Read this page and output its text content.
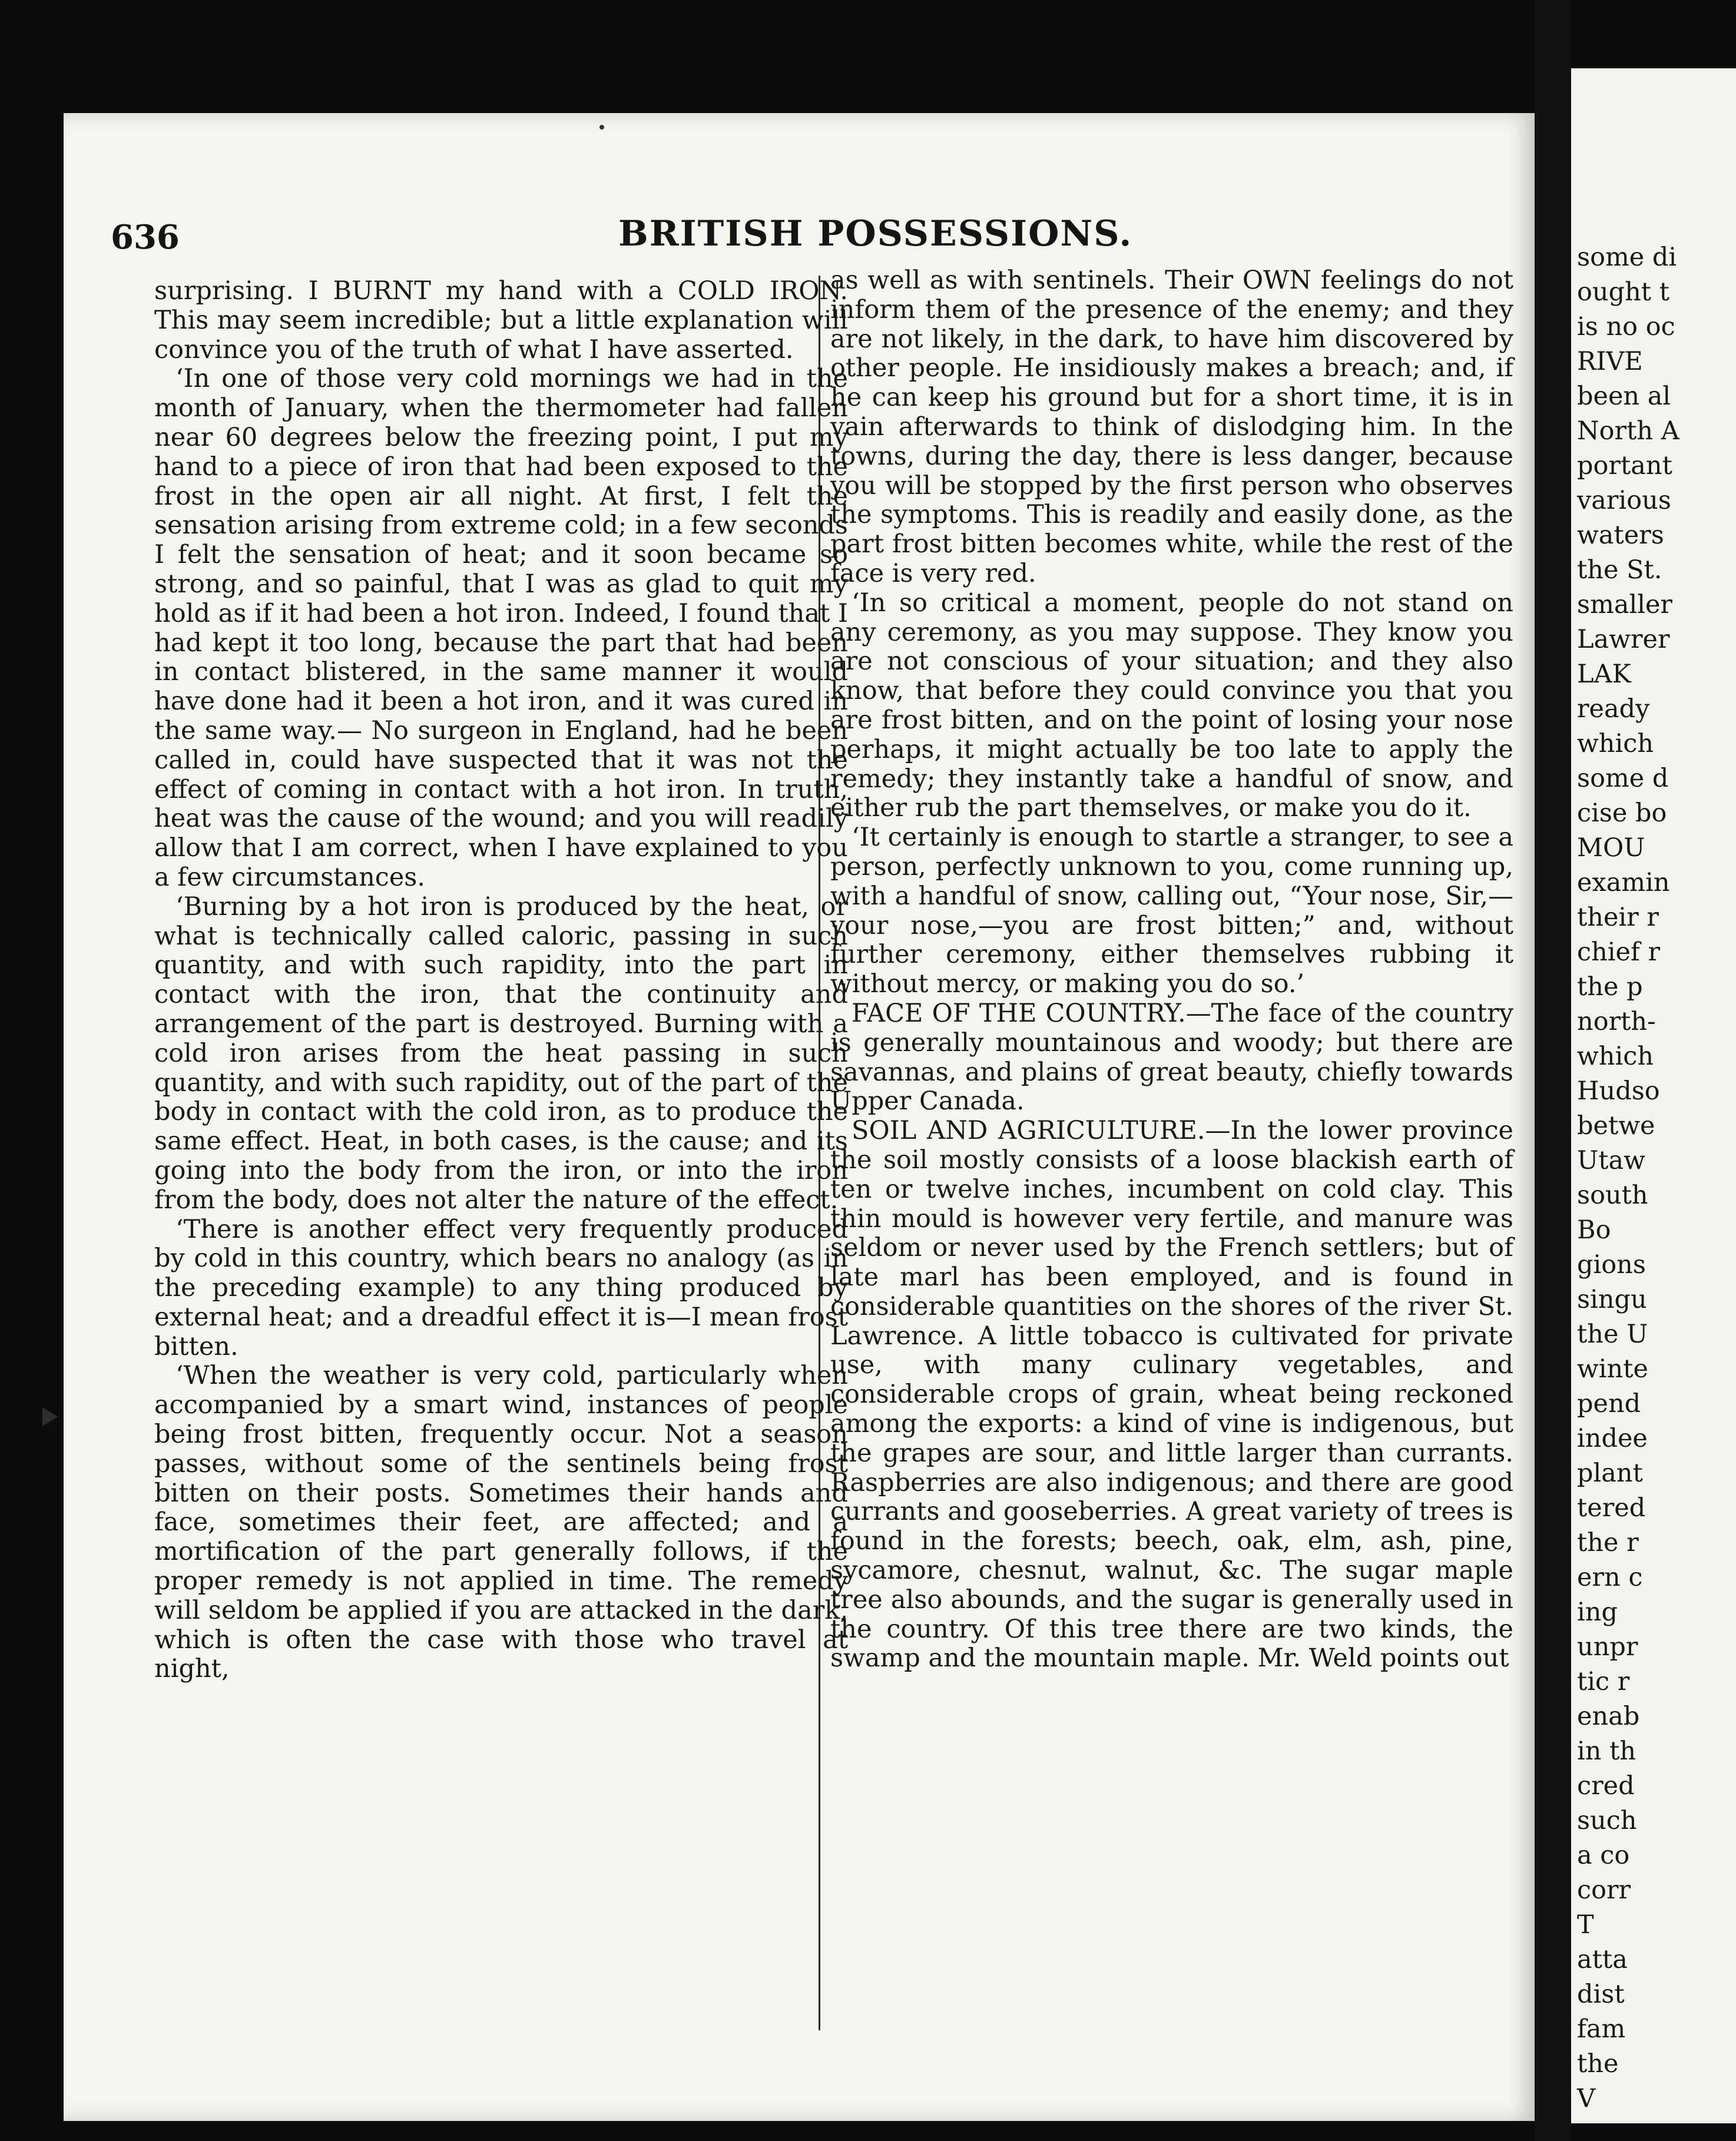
some di
ought t
is no oc
RIVE
been al
North A
portant
various
waters
the St.
smaller
Lawrer
LAK
ready
which
some d
cise bo
MOU
examin
their r
chief r
the p
north-
which
Hudso
betwe
Utaw
south
Bo
gions
singu
the U
winte
pend
indee
plant
tered
the r
ern c
ing
unpr
tic r
enab
in th
cred
such
a co
corr
T
atta
dist
fam
the
V
636	BRITISH POSSESSIONS.

surprising. I BURNT my hand with a COLD IRON. This may seem incredible; but a little explanation will convince you of the truth of what I have asserted.

‘In one of those very cold mornings we had in the month of January, when the thermometer had fallen near 60 degrees below the freezing point, I put my hand to a piece of iron that had been exposed to the frost in the open air all night. At first, I felt the sensation arising from extreme cold; in a few seconds I felt the sensation of heat; and it soon became so strong, and so painful, that I was as glad to quit my hold as if it had been a hot iron. Indeed, I found that I had kept it too long, because the part that had been in contact blistered, in the same manner it would have done had it been a hot iron, and it was cured in the same way.— No surgeon in England, had he been called in, could have suspected that it was not the effect of coming in contact with a hot iron. In truth, heat was the cause of the wound; and you will readily allow that I am correct, when I have explained to you a few circumstances.

‘Burning by a hot iron is produced by the heat, or what is technically called caloric, passing in such quantity, and with such rapidity, into the part in contact with the iron, that the continuity and arrangement of the part is destroyed. Burning with a cold iron arises from the heat passing in such quantity, and with such rapidity, out of the part of the body in contact with the cold iron, as to produce the same effect. Heat, in both cases, is the cause; and its going into the body from the iron, or into the iron from the body, does not alter the nature of the effect.

‘There is another effect very frequently produced by cold in this country, which bears no analogy (as in the preceding example) to any thing produced by external heat; and a dreadful effect it is—I mean frost bitten.

‘When the weather is very cold, particularly when accompanied by a smart wind, instances of people being frost bitten, frequently occur. Not a season passes, without some of the sentinels being frost bitten on their posts. Sometimes their hands and face, sometimes their feet, are affected; and a mortification of the part generally follows, if the proper remedy is not applied in time. The remedy will seldom be applied if you are attacked in the dark, which is often the case with those who travel at night,

as well as with sentinels. Their OWN feelings do not inform them of the presence of the enemy; and they are not likely, in the dark, to have him discovered by other people. He insidiously makes a breach; and, if he can keep his ground but for a short time, it is in vain afterwards to think of dislodging him. In the towns, during the day, there is less danger, because you will be stopped by the first person who observes the symptoms. This is readily and easily done, as the part frost bitten becomes white, while the rest of the face is very red.

‘In so critical a moment, people do not stand on any ceremony, as you may suppose. They know you are not conscious of your situation; and they also know, that before they could convince you that you are frost bitten, and on the point of losing your nose perhaps, it might actually be too late to apply the remedy; they instantly take a handful of snow, and either rub the part themselves, or make you do it.

‘It certainly is enough to startle a stranger, to see a person, perfectly unknown to you, come running up, with a handful of snow, calling out, “Your nose, Sir,—your nose,—you are frost bitten;” and, without further ceremony, either themselves rubbing it without mercy, or making you do so.’

FACE OF THE COUNTRY.—The face of the country is generally mountainous and woody; but there are savannas, and plains of great beauty, chiefly towards Upper Canada.

SOIL AND AGRICULTURE.—In the lower province the soil mostly consists of a loose blackish earth of ten or twelve inches, incumbent on cold clay. This thin mould is however very fertile, and manure was seldom or never used by the French settlers; but of late marl has been employed, and is found in considerable quantities on the shores of the river St. Lawrence. A little tobacco is cultivated for private use, with many culinary vegetables, and considerable crops of grain, wheat being reckoned among the exports: a kind of vine is indigenous, but the grapes are sour, and little larger than currants. Raspberries are also indigenous; and there are good currants and gooseberries. A great variety of trees is found in the forests; beech, oak, elm, ash, pine, sycamore, chesnut, walnut, &c. The sugar maple tree also abounds, and the sugar is generally used in the country. Of this tree there are two kinds, the swamp and the mountain maple. Mr. Weld points out
